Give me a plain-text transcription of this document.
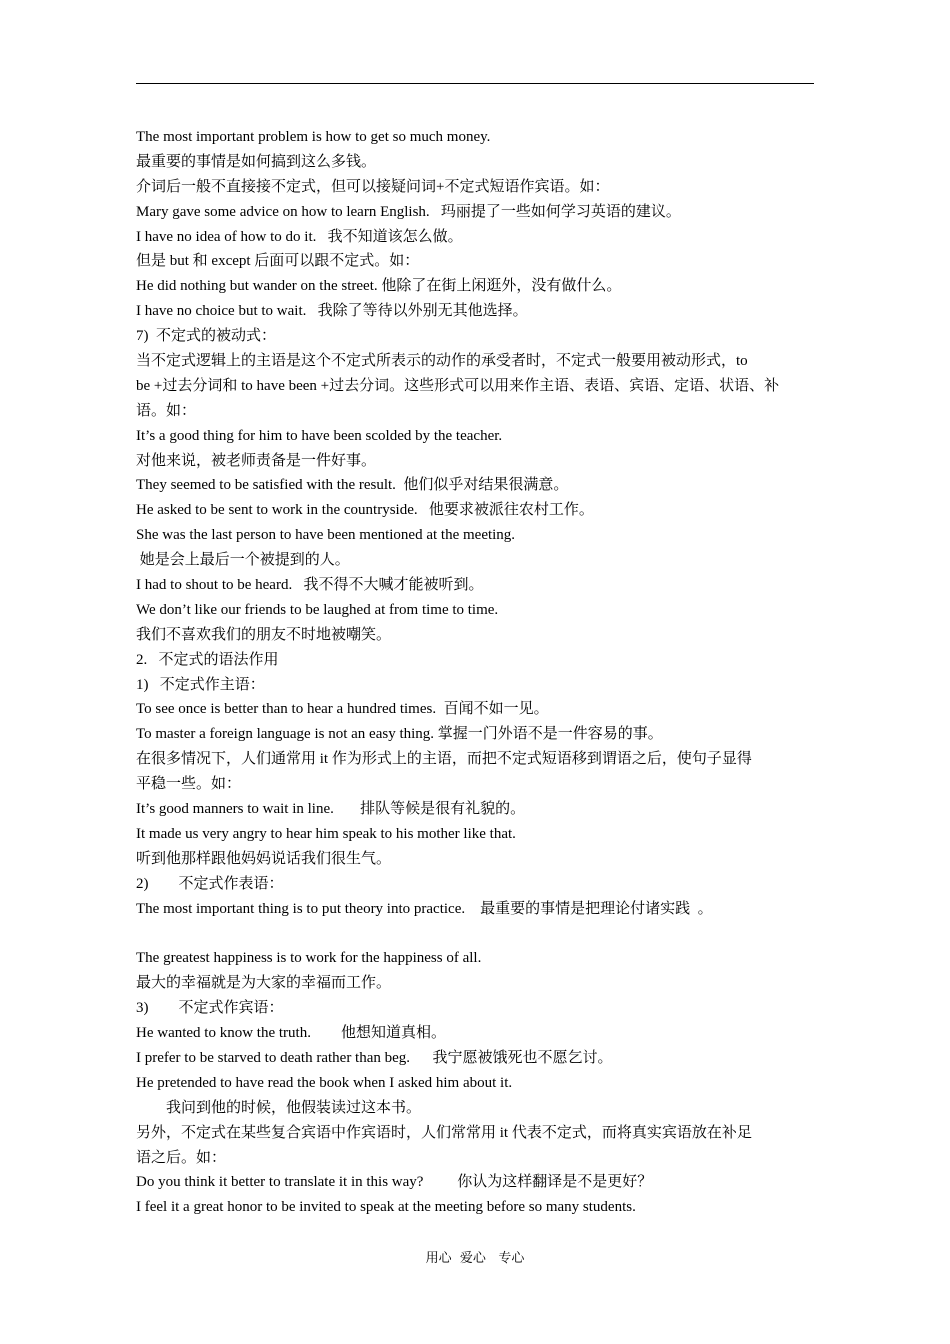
The most important problem is how to get so much money.
最重要的事情是如何搞到这么多钱。
介词后一般不直接接不定式，但可以接疑问词+不定式短语作宾语。如：
Mary gave some advice on how to learn English.   玛丽提了一些如何学习英语的建议。
I have no idea of how to do it.   我不知道该怎么做。
但是 but 和 except 后面可以跟不定式。如：
He did nothing but wander on the street. 他除了在街上闲逛外，没有做什么。
I have no choice but to wait.   我除了等待以外别无其他选择。
7)  不定式的被动式：
当不定式逻辑上的主语是这个不定式所表示的动作的承受者时，不定式一般要用被动形式，to
be +过去分词和 to have been +过去分词。这些形式可以用来作主语、表语、宾语、定语、状语、补
语。如：
It’s a good thing for him to have been scolded by the teacher.
对他来说，被老师责备是一件好事。
They seemed to be satisfied with the result.  他们似乎对结果很满意。
He asked to be sent to work in the countryside.   他要求被派往农村工作。
She was the last person to have been mentioned at the meeting.
她是会上最后一个被提到的人。
I had to shout to be heard.   我不得不大喊才能被听到。
We don’t like our friends to be laughed at from time to time.
我们不喜欢我们的朋友不时地被嘲笑。
2.   不定式的语法作用
1)   不定式作主语：
To see once is better than to hear a hundred times.  百闻不如一见。
To master a foreign language is not an easy thing. 掌握一门外语不是一件容易的事。
在很多情况下，人们通常用 it 作为形式上的主语，而把不定式短语移到谓语之后，使句子显得
平稳一些。如：
It’s good manners to wait in line.       排队等候是很有礼貌的。
It made us very angry to hear him speak to his mother like that.
听到他那样跟他妈妈说话我们很生气。
2)        不定式作表语：
The most important thing is to put theory into practice.    最重要的事情是把理论付诸实践  。
The greatest happiness is to work for the happiness of all.
最大的幸福就是为大家的幸福而工作。
3)        不定式作宾语：
He wanted to know the truth.        他想知道真相。
I prefer to be starved to death rather than beg.      我宁愿被饿死也不愿乞讨。
He pretended to have read the book when I asked him about it.
我问到他的时候，他假装读过这本书。
另外，不定式在某些复合宾语中作宾语时，人们常常用 it 代表不定式，而将真实宾语放在补足
语之后。如：
Do you think it better to translate it in this way?         你认为这样翻译是不是更好？
I feel it a great honor to be invited to speak at the meeting before so many students.
用心  爱心   专心
